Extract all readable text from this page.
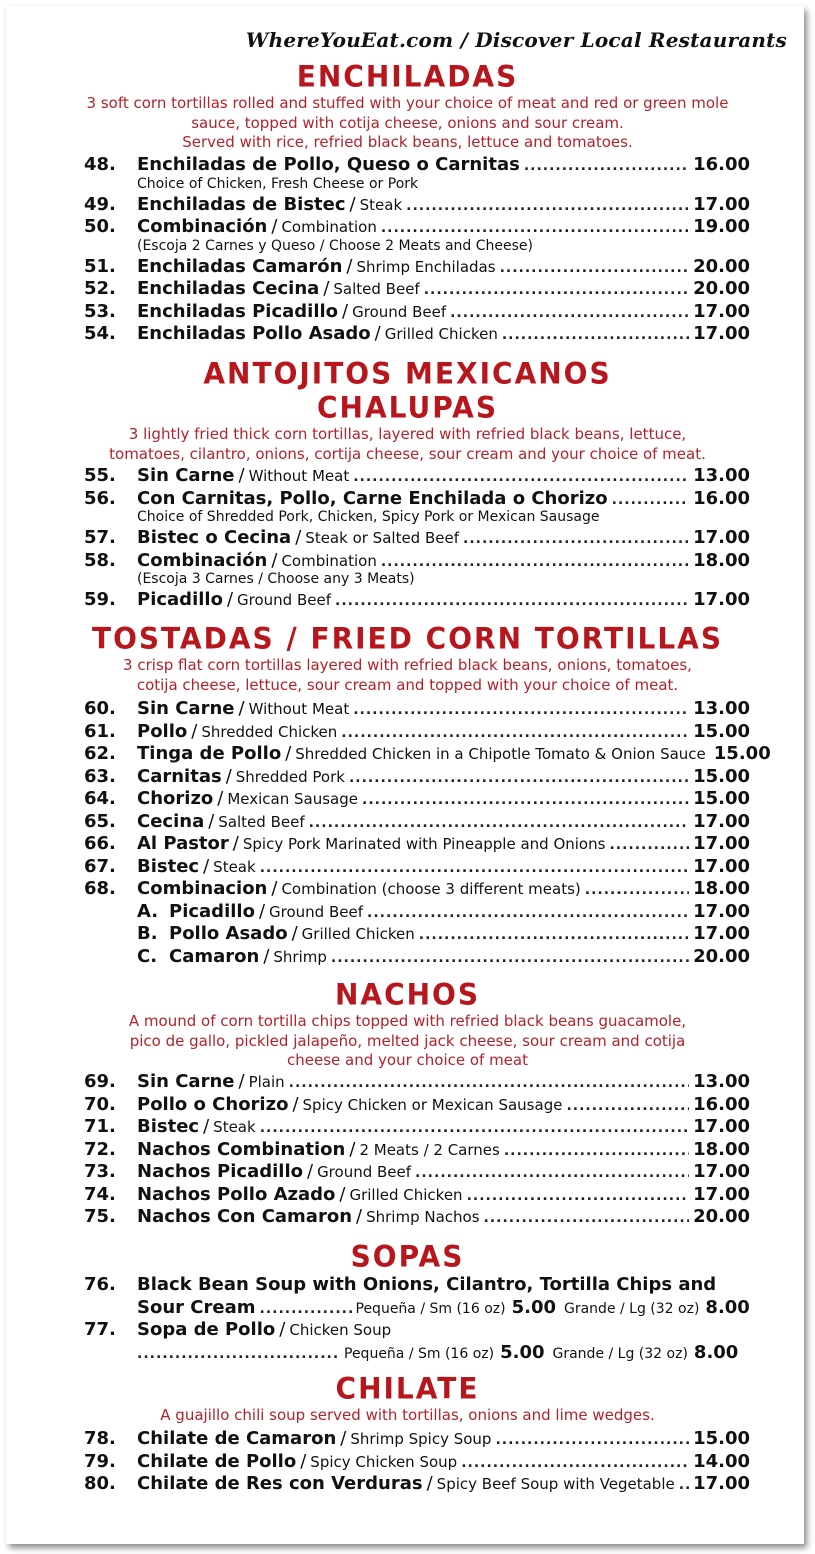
WhereYouEat.com / Discover Local Restaurants
ENCHILADAS
3 soft corn tortillas rolled and stuffed with your choice of meat and red or green mole
sauce, topped with cotija cheese, onions and sour cream.
Served with rice, refried black beans, lettuce and tomatoes.
48.	Enchiladas de Pollo, Queso o Carnitas .....	16.00
Choice of Chicken, Fresh Cheese or Pork
49.	Enchiladas de Bistec / Steak .....	17.00
50.	Combinación / Combination .....	19.00
(Escoja 2 Carnes y Queso / Choose 2 Meats and Cheese)
51.	Enchiladas Camarón / Shrimp Enchiladas .....	20.00
52.	Enchiladas Cecina / Salted Beef .....	20.00
53.	Enchiladas Picadillo / Ground Beef .....	17.00
54.	Enchiladas Pollo Asado / Grilled Chicken .....	17.00
ANTOJITOS MEXICANOS
CHALUPAS
3 lightly fried thick corn tortillas, layered with refried black beans, lettuce,
tomatoes, cilantro, onions, cortija cheese, sour cream and your choice of meat.
55.	Sin Carne / Without Meat .....	13.00
56.	Con Carnitas, Pollo, Carne Enchilada o Chorizo .....	16.00
Choice of Shredded Pork, Chicken, Spicy Pork or Mexican Sausage
57.	Bistec o Cecina / Steak or Salted Beef .....	17.00
58.	Combinación / Combination .....	18.00
(Escoja 3 Carnes / Choose any 3 Meats)
59.	Picadillo / Ground Beef .....	17.00
TOSTADAS / FRIED CORN TORTILLAS
3 crisp flat corn tortillas layered with refried black beans, onions, tomatoes,
cotija cheese, lettuce, sour cream and topped with your choice of meat.
60.	Sin Carne / Without Meat .....	13.00
61.	Pollo / Shredded Chicken .....	15.00
62.	Tinga de Pollo / Shredded Chicken in a Chipotle Tomato & Onion Sauce 15.00
63.	Carnitas / Shredded Pork .....	15.00
64.	Chorizo / Mexican Sausage .....	15.00
65.	Cecina / Salted Beef .....	17.00
66.	Al Pastor / Spicy Pork Marinated with Pineapple and Onions .....	17.00
67.	Bistec / Steak .....	17.00
68.	Combinacion / Combination (choose 3 different meats) .....	18.00
A. Picadillo / Ground Beef .....	17.00
B. Pollo Asado / Grilled Chicken .....	17.00
C. Camaron / Shrimp .....	20.00
NACHOS
A mound of corn tortilla chips topped with refried black beans guacamole,
pico de gallo, pickled jalapeño, melted jack cheese, sour cream and cotija
cheese and your choice of meat
69.	Sin Carne / Plain .....	13.00
70.	Pollo o Chorizo / Spicy Chicken or Mexican Sausage .....	16.00
71.	Bistec / Steak .....	17.00
72.	Nachos Combination / 2 Meats / 2 Carnes .....	18.00
73.	Nachos Picadillo / Ground Beef .....	17.00
74.	Nachos Pollo Azado / Grilled Chicken .....	17.00
75.	Nachos Con Camaron / Shrimp Nachos .....	20.00
SOPAS
76.	Black Bean Soup with Onions, Cilantro, Tortilla Chips and
Sour Cream .....	Pequeña / Sm (16 oz) 5.00 Grande / Lg (32 oz) 8.00
77.	Sopa de Pollo / Chicken Soup
.....
Pequeña / Sm (16 oz) 5.00 Grande / Lg (32 oz) 8.00
CHILATE
A guajillo chili soup served with tortillas, onions and lime wedges.
78.	Chilate de Camaron / Shrimp Spicy Soup .....	15.00
79.	Chilate de Pollo / Spicy Chicken Soup .....	14.00
80.	Chilate de Res con Verduras / Spicy Beef Soup with Vegetable ..... 17.00
